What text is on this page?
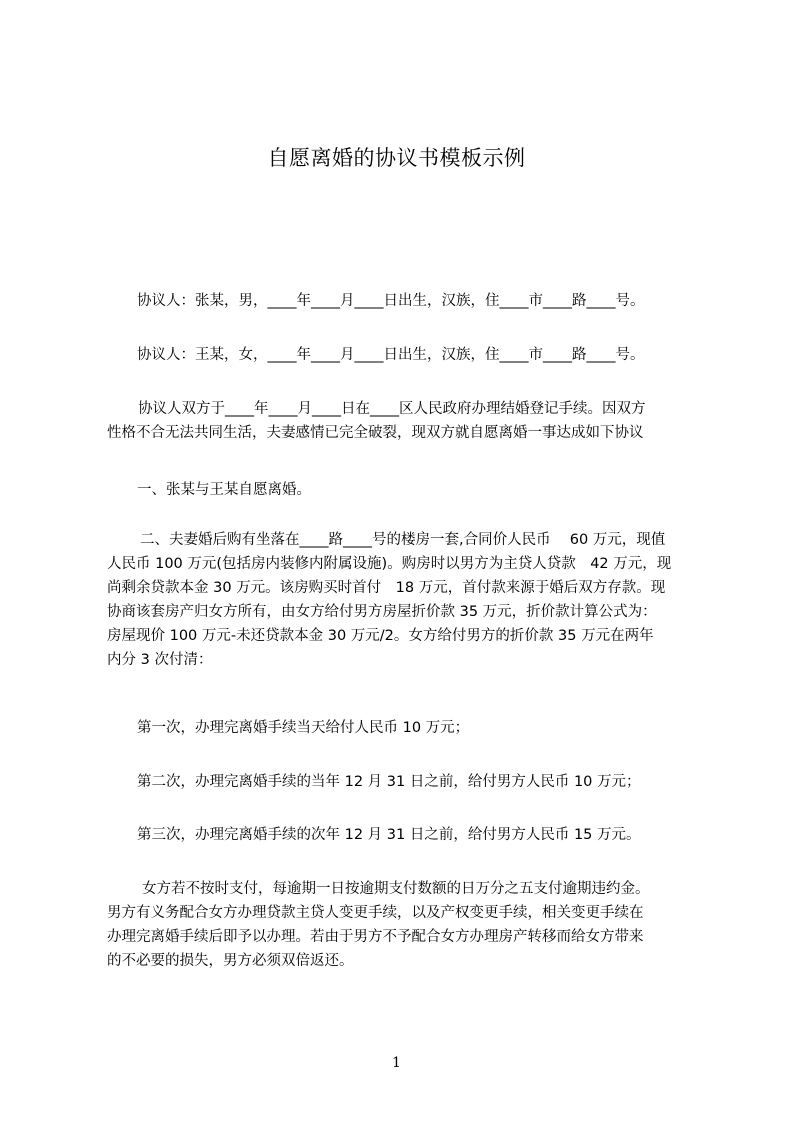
自愿离婚的协议书模板示例
协议人：张某，男，____年____月____日出生，汉族，住____市____路____号。
协议人：王某，女，____年____月____日出生，汉族，住____市____路____号。
协议人双方于____年____月____日在____区人民政府办理结婚登记手续。因双方
性格不合无法共同生活，夫妻感情已完全破裂，现双方就自愿离婚一事达成如下协议
一、张某与王某自愿离婚。
二、夫妻婚后购有坐落在____路____号的楼房一套,合同价人民币　 60 万元，现值
人民币 100 万元(包括房内装修内附属设施)。购房时以男方为主贷人贷款　42 万元，现
尚剩余贷款本金 30 万元。该房购买时首付　18 万元，首付款来源于婚后双方存款。现
协商该套房产归女方所有，由女方给付男方房屋折价款 35 万元，折价款计算公式为：
房屋现价 100 万元-未还贷款本金 30 万元/2。女方给付男方的折价款 35 万元在两年
内分 3 次付清：
第一次，办理完离婚手续当天给付人民币 10 万元；
第二次，办理完离婚手续的当年 12 月 31 日之前，给付男方人民币 10 万元；
第三次，办理完离婚手续的次年 12 月 31 日之前，给付男方人民币 15 万元。
女方若不按时支付，每逾期一日按逾期支付数额的日万分之五支付逾期违约金。
男方有义务配合女方办理贷款主贷人变更手续，以及产权变更手续，相关变更手续在
办理完离婚手续后即予以办理。若由于男方不予配合女方办理房产转移而给女方带来
的不必要的损失，男方必须双倍返还。
1
